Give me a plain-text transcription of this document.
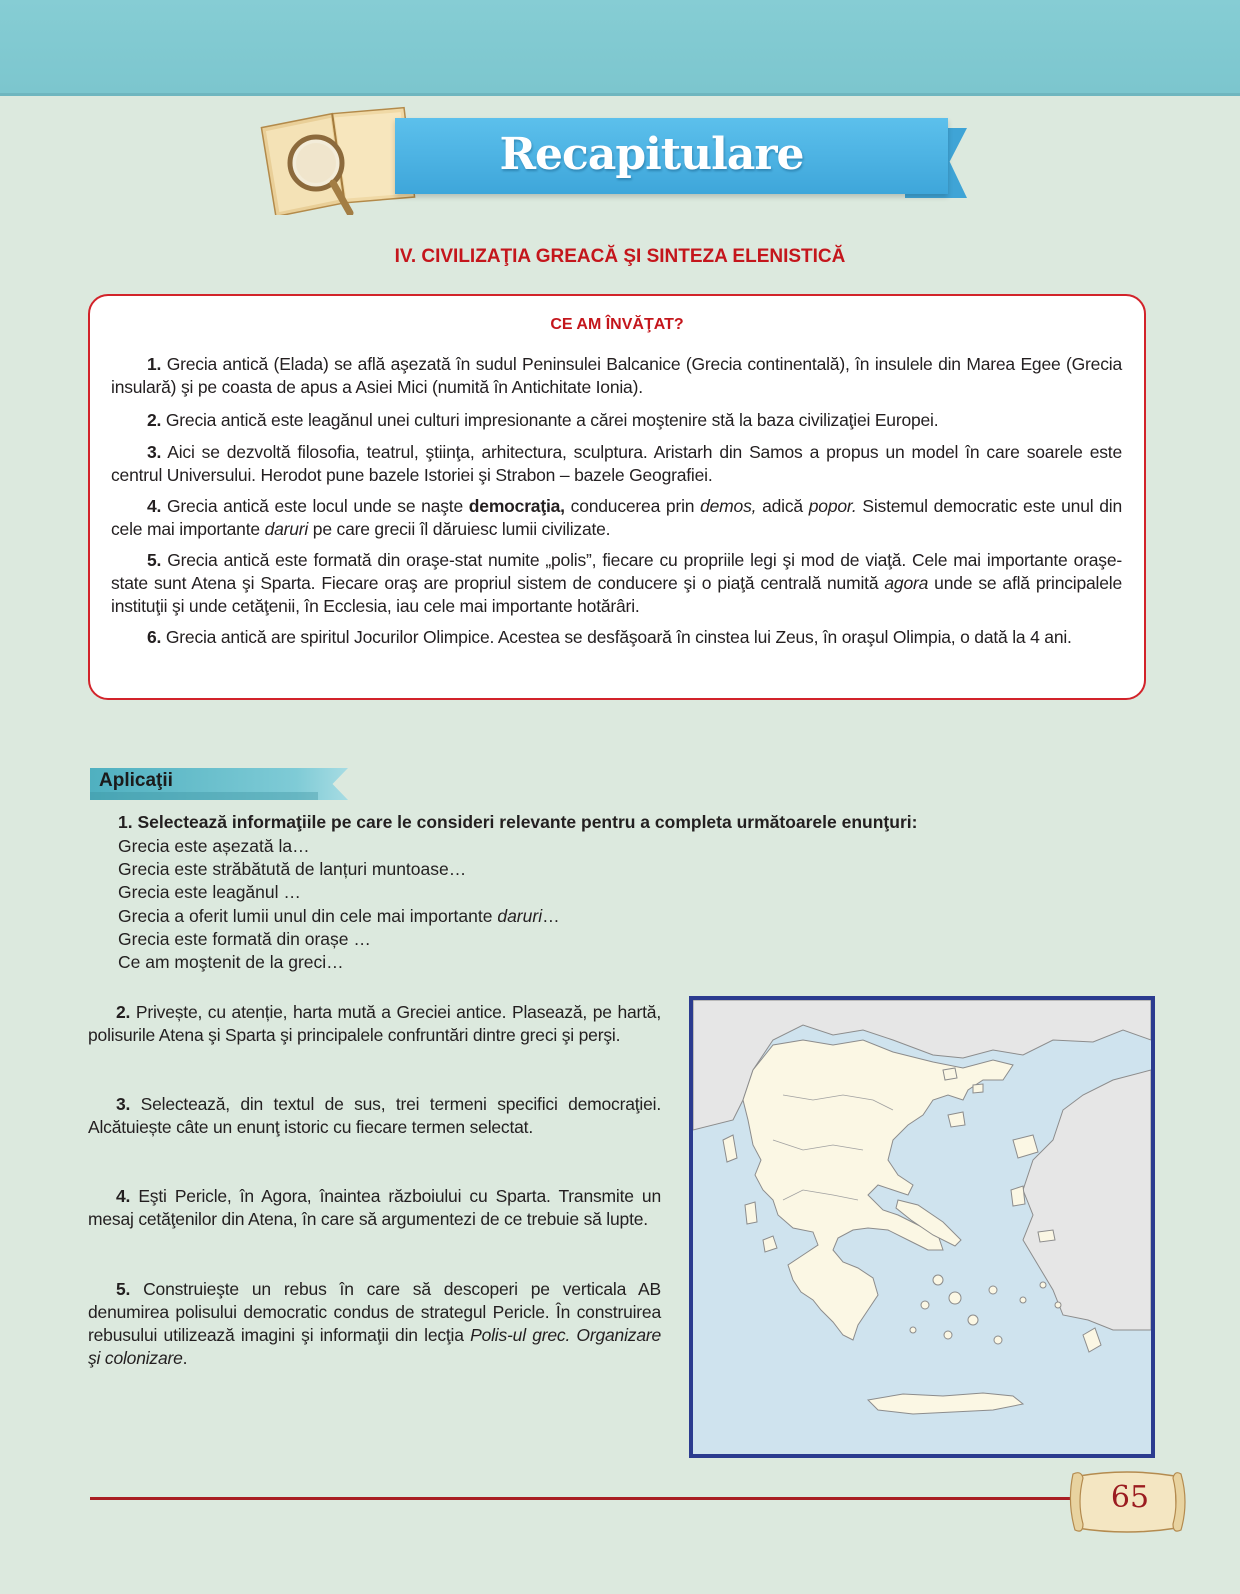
Recapitulare
IV. CIVILIZAŢIA GREACĂ ŞI SINTEZA ELENISTICĂ
CE AM ÎNVĂŢAT?
1. Grecia antică (Elada) se află aşezată în sudul Peninsulei Balcanice (Grecia continentală), în insulele din Marea Egee (Grecia insulară) şi pe coasta de apus a Asiei Mici (numită în Antichitate Ionia).
2. Grecia antică este leagănul unei culturi impresionante a cărei moştenire stă la baza civilizaţiei Europei.
3. Aici se dezvoltă filosofia, teatrul, ştiinţa, arhitectura, sculptura. Aristarh din Samos a propus un model în care soarele este centrul Universului. Herodot pune bazele Istoriei şi Strabon – bazele Geografiei.
4. Grecia antică este locul unde se naşte democraţia, conducerea prin demos, adică popor. Sistemul democratic este unul din cele mai importante daruri pe care grecii îl dăruiesc lumii civilizate.
5. Grecia antică este formată din oraşe-stat numite „polis”, fiecare cu propriile legi şi mod de viaţă. Cele mai importante oraşe-state sunt Atena şi Sparta. Fiecare oraş are propriul sistem de conducere şi o piaţă centrală numită agora unde se află principalele instituţii şi unde cetăţenii, în Ecclesia, iau cele mai importante hotărâri.
6. Grecia antică are spiritul Jocurilor Olimpice. Acestea se desfăşoară în cinstea lui Zeus, în oraşul Olimpia, o dată la 4 ani.
Aplicaţii
1. Selectează informaţiile pe care le consideri relevante pentru a completa următoarele enunţuri:
Grecia este așezată la…
Grecia este străbătută de lanțuri muntoase…
Grecia este leagănul …
Grecia a oferit lumii unul din cele mai importante daruri…
Grecia este formată din orașe …
Ce am moştenit de la greci…
2. Privește, cu atenție, harta mută a Greciei antice. Plasează, pe hartă, polisurile Atena şi Sparta şi principalele confruntări dintre greci şi perşi.
3. Selectează, din textul de sus, trei termeni specifici democraţiei. Alcătuiește câte un enunţ istoric cu fiecare termen selectat.
4. Eşti Pericle, în Agora, înaintea războiului cu Sparta. Transmite un mesaj cetăţenilor din Atena, în care să argumentezi de ce trebuie să lupte.
5. Construieşte un rebus în care să descoperi pe verticala AB denumirea polisului democratic condus de strategul Pericle. În construirea rebusului utilizează imagini şi informaţii din lecţia Polis-ul grec. Organizare şi colonizare.
65
